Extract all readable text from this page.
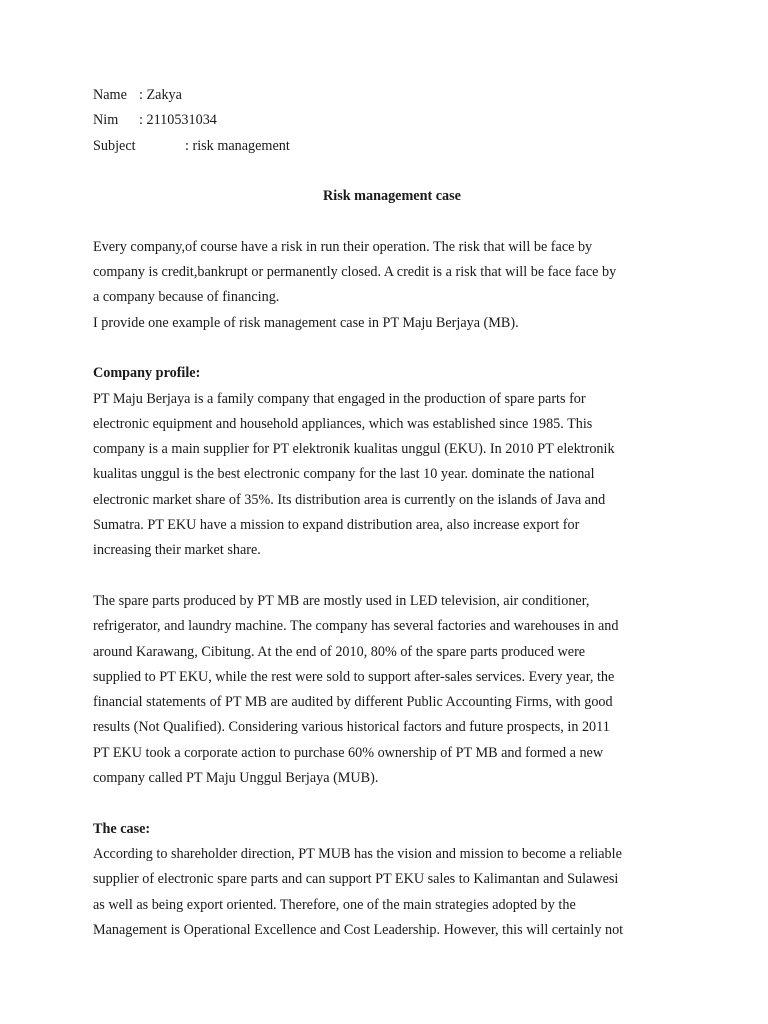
Name : Zakya
Nim	: 2110531034
Subject	: risk management
Risk management case
Every company,of course have a risk in run their operation. The risk that will be face by
company is credit,bankrupt or permanently closed. A credit is a risk that will be face face by
a company because of financing.
I provide one example of risk management case in PT Maju Berjaya (MB).
Company profile:
PT Maju Berjaya is a family company that engaged in the production of spare parts for
electronic equipment and household appliances, which was established since 1985. This
company is a main supplier for PT elektronik kualitas unggul (EKU). In 2010 PT elektronik
kualitas unggul is the best electronic company for the last 10 year. dominate the national
electronic market share of 35%. Its distribution area is currently on the islands of Java and
Sumatra. PT EKU have a mission to expand distribution area, also increase export for
increasing their market share.
The spare parts produced by PT MB are mostly used in LED television, air conditioner,
refrigerator, and laundry machine. The company has several factories and warehouses in and
around Karawang, Cibitung. At the end of 2010, 80% of the spare parts produced were
supplied to PT EKU, while the rest were sold to support after-sales services. Every year, the
financial statements of PT MB are audited by different Public Accounting Firms, with good
results (Not Qualified). Considering various historical factors and future prospects, in 2011
PT EKU took a corporate action to purchase 60% ownership of PT MB and formed a new
company called PT Maju Unggul Berjaya (MUB).
The case:
According to shareholder direction, PT MUB has the vision and mission to become a reliable
supplier of electronic spare parts and can support PT EKU sales to Kalimantan and Sulawesi
as well as being export oriented. Therefore, one of the main strategies adopted by the
Management is Operational Excellence and Cost Leadership. However, this will certainly not
